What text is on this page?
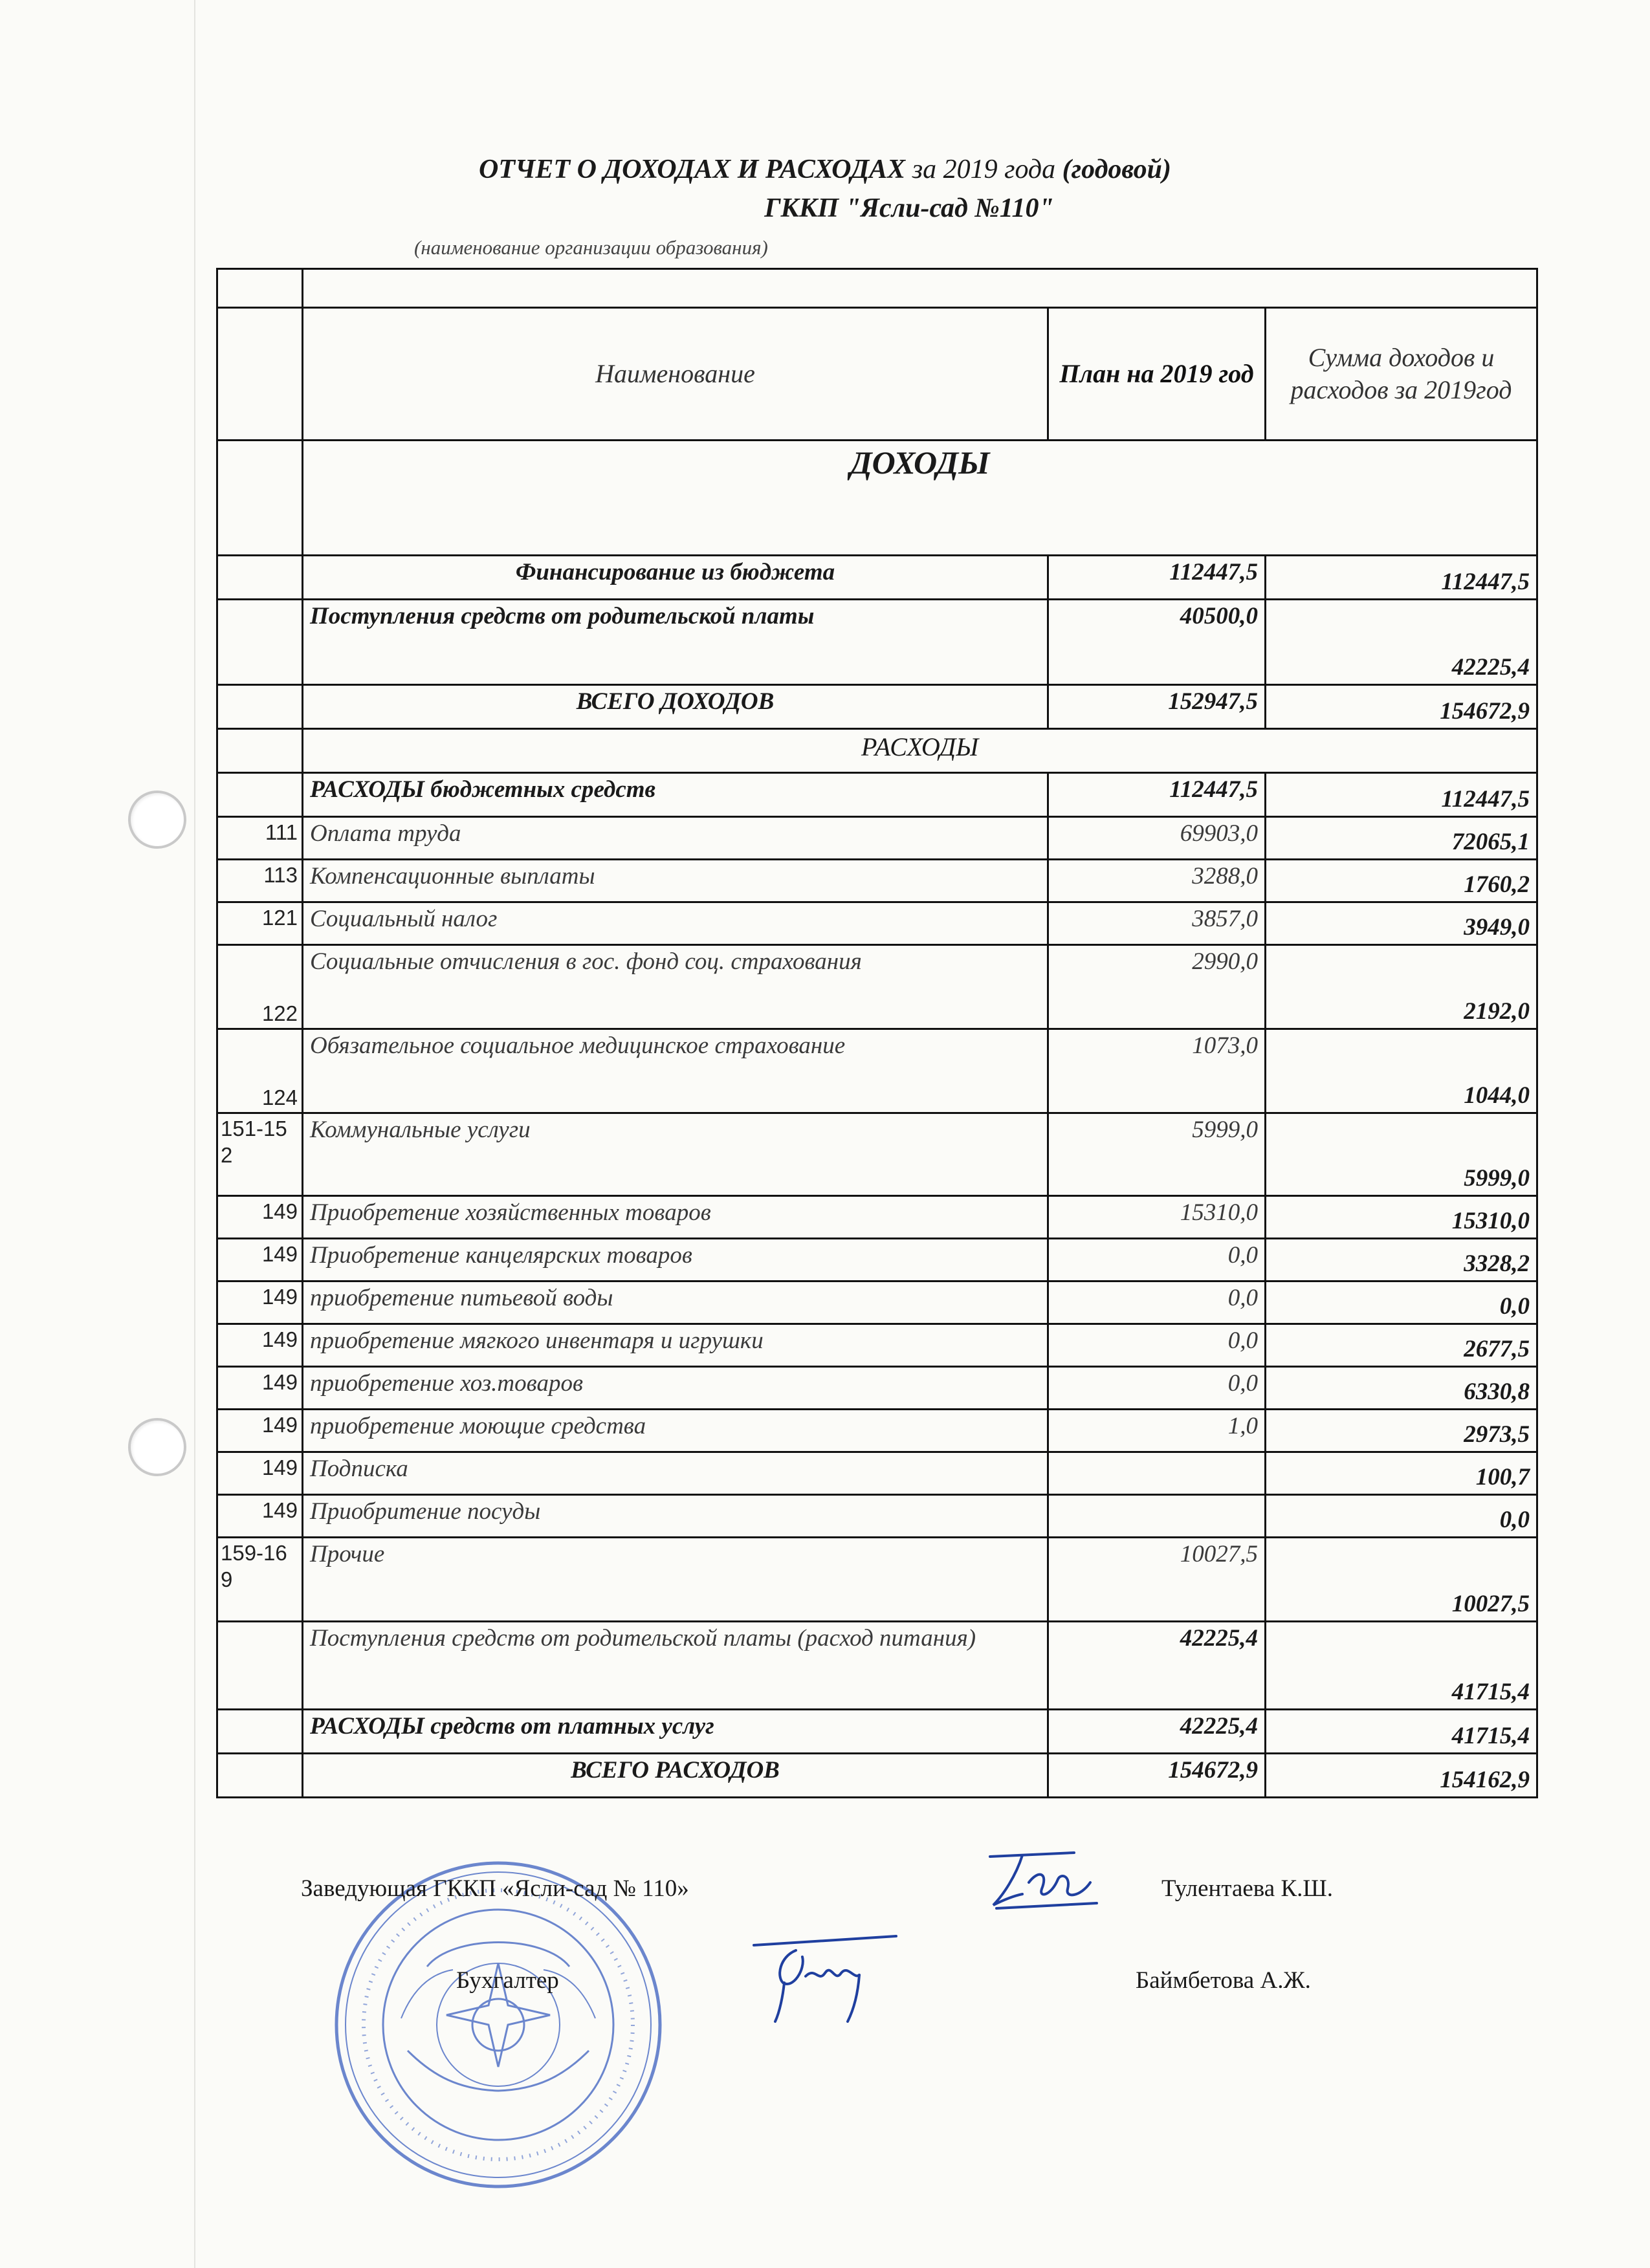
ОТЧЕТ О ДОХОДАХ И РАСХОДАХ за 2019 года (годовой)
ГККП "Ясли-сад №110"
(наименование организации образования)

	Наименование	План на 2019 год	Сумма доходов и расходов за 2019год
	ДОХОДЫ		
	Финансирование из бюджета	112447,5	112447,5
	Поступления средств от родительской платы	40500,0	42225,4
	ВСЕГО ДОХОДОВ	152947,5	154672,9
	РАСХОДЫ		
	РАСХОДЫ бюджетных средств	112447,5	112447,5
111	Оплата труда	69903,0	72065,1
113	Компенсационные выплаты	3288,0	1760,2
121	Социальный налог	3857,0	3949,0
122	Социальные отчисления в гос. фонд соц. страхования	2990,0	2192,0
124	Обязательное социальное медицинское страхование	1073,0	1044,0
151-152	Коммунальные услуги	5999,0	5999,0
149	Приобретение хозяйственных товаров	15310,0	15310,0
149	Приобретение канцелярских товаров	0,0	3328,2
149	приобретение питьевой воды	0,0	0,0
149	приобретение мягкого инвентаря и игрушки	0,0	2677,5
149	приобретение хоз.товаров	0,0	6330,8
149	приобретение моющие средства	1,0	2973,5
149	Подписка		100,7
149	Приобритение посуды		0,0
159-169	Прочие	10027,5	10027,5
	Поступления средств от родительской платы (расход питания)	42225,4	41715,4
	РАСХОДЫ средств от платных услуг	42225,4	41715,4
	ВСЕГО РАСХОДОВ	154672,9	154162,9
Заведующая ГККП «Ясли-сад № 110»	Тулентаева К.Ш.
Бухгалтер	Баймбетова А.Ж.
